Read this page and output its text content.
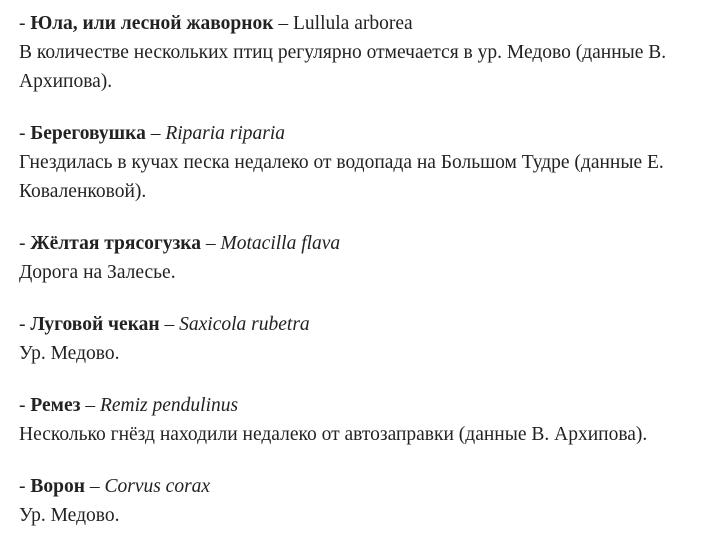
- Юла, или лесной жаворнок – Lullula arborea

В количестве нескольких птиц регулярно отмечается в ур. Медово (данные В. Архипова).

- Береговушка – Riparia riparia

Гнездилась в кучах песка недалеко от водопада на Большом Тудре (данные Е. Коваленковой).

- Жёлтая трясогузка – Motacilla flava

Дорога на Залесье.

- Луговой чекан – Saxicola rubetra

Ур. Медово.

- Ремез – Remiz pendulinus

Несколько гнёзд находили недалеко от автозаправки (данные В. Архипова).

- Ворон – Corvus corax

Ур. Медово.
